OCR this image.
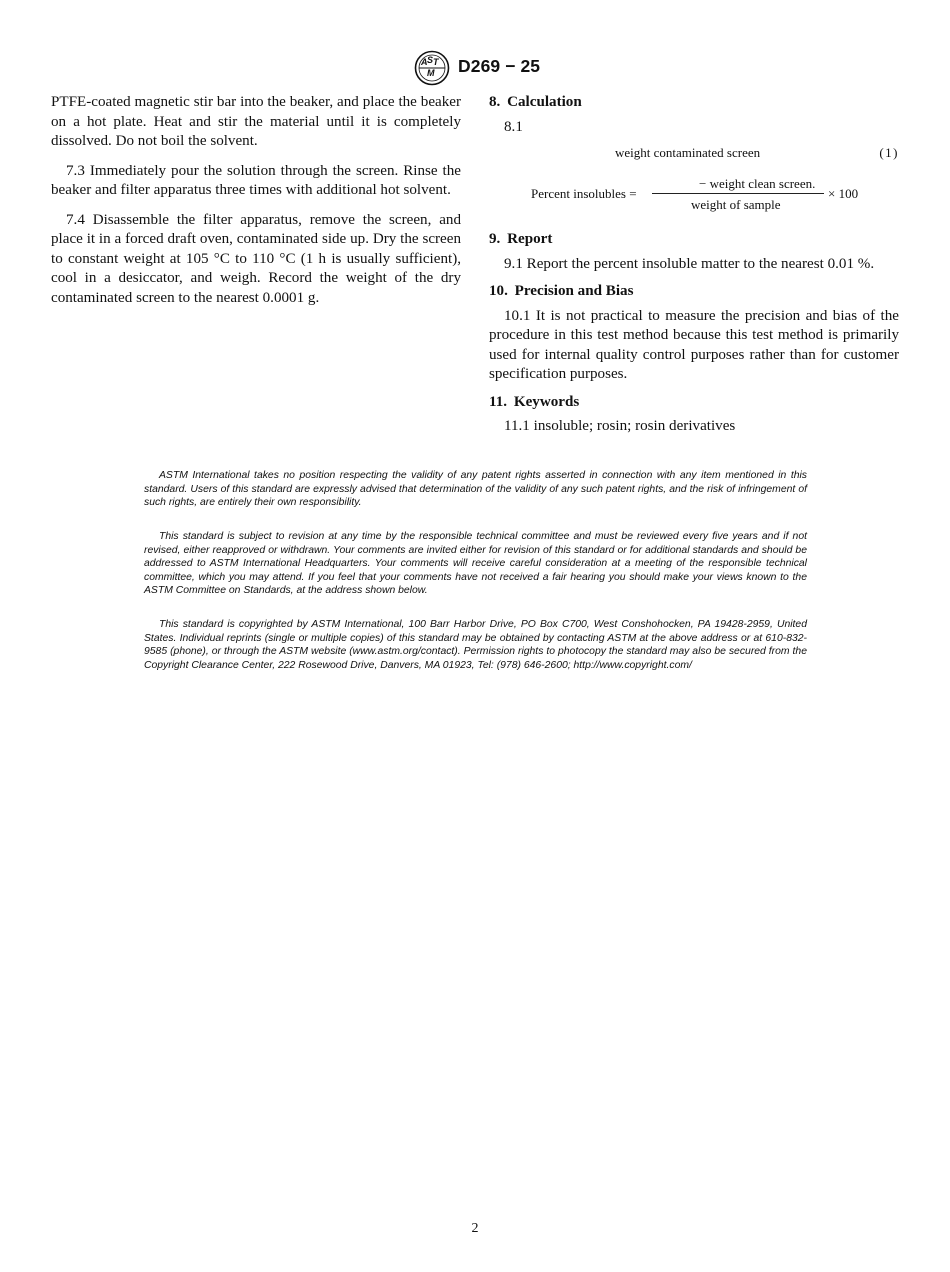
A S T
M D269 − 25

PTFE-coated magnetic stir bar into the beaker, and place the beaker on a hot plate. Heat and stir the material until it is completely dissolved. Do not boil the solvent.

7.3 Immediately pour the solution through the screen. Rinse the beaker and filter apparatus three times with additional hot solvent.

7.4 Disassemble the filter apparatus, remove the screen, and place it in a forced draft oven, contaminated side up. Dry the screen to constant weight at 105 °C to 110 °C (1 h is usually sufficient), cool in a desiccator, and weigh. Record the weight of the dry contaminated screen to the nearest 0.0001 g.

8. Calculation

8.1

weight contaminated screen	(1)
Percent insolubles =
− weight clean screen.
weight of sample
× 100
9. Report

9.1 Report the percent insoluble matter to the nearest 0.01 %.

10. Precision and Bias

10.1 It is not practical to measure the precision and bias of the procedure in this test method because this test method is primarily used for internal quality control purposes rather than for customer specification purposes.

11. Keywords

11.1 insoluble; rosin; rosin derivatives

ASTM International takes no position respecting the validity of any patent rights asserted in connection with any item mentioned in this standard. Users of this standard are expressly advised that determination of the validity of any such patent rights, and the risk of infringement of such rights, are entirely their own responsibility.

This standard is subject to revision at any time by the responsible technical committee and must be reviewed every five years and if not revised, either reapproved or withdrawn. Your comments are invited either for revision of this standard or for additional standards and should be addressed to ASTM International Headquarters. Your comments will receive careful consideration at a meeting of the responsible technical committee, which you may attend. If you feel that your comments have not received a fair hearing you should make your views known to the ASTM Committee on Standards, at the address shown below.

This standard is copyrighted by ASTM International, 100 Barr Harbor Drive, PO Box C700, West Conshohocken, PA 19428-2959, United States. Individual reprints (single or multiple copies) of this standard may be obtained by contacting ASTM at the above address or at 610-832-9585 (phone), or through the ASTM website (www.astm.org/contact). Permission rights to photocopy the standard may also be secured from the Copyright Clearance Center, 222 Rosewood Drive, Danvers, MA 01923, Tel: (978) 646-2600; http://www.copyright.com/

2
